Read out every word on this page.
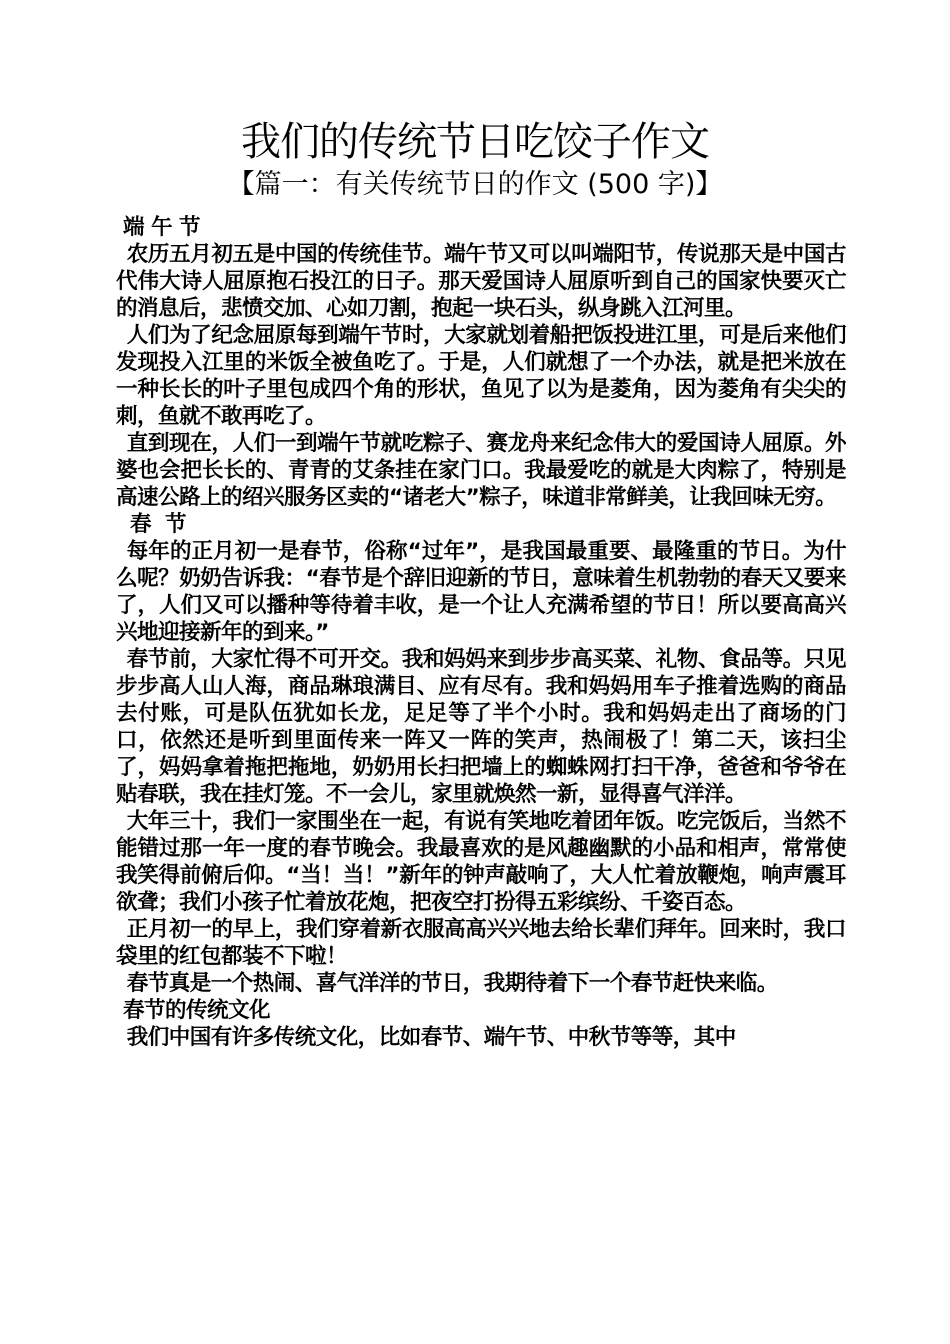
我们的传统节日吃饺子作文
【篇一：有关传统节日的作文 (500 字)】
端 午 节

农历五月初五是中国的传统佳节。端午节又可以叫端阳节，传说那天是中国古代伟大诗人屈原抱石投江的日子。那天爱国诗人屈原听到自己的国家快要灭亡的消息后，悲愤交加、心如刀割，抱起一块石头，纵身跳入江河里。

人们为了纪念屈原每到端午节时，大家就划着船把饭投进江里，可是后来他们发现投入江里的米饭全被鱼吃了。于是，人们就想了一个办法，就是把米放在一种长长的叶子里包成四个角的形状，鱼见了以为是菱角，因为菱角有尖尖的刺，鱼就不敢再吃了。

直到现在，人们一到端午节就吃粽子、赛龙舟来纪念伟大的爱国诗人屈原。外婆也会把长长的、青青的艾条挂在家门口。我最爱吃的就是大肉粽了，特别是高速公路上的绍兴服务区卖的“诸老大”粽子，味道非常鲜美，让我回味无穷。

春  节

每年的正月初一是春节，俗称“过年”，是我国最重要、最隆重的节日。为什么呢？奶奶告诉我：“春节是个辞旧迎新的节日，意味着生机勃勃的春天又要来了，人们又可以播种等待着丰收，是一个让人充满希望的节日！所以要高高兴兴地迎接新年的到来。”

春节前，大家忙得不可开交。我和妈妈来到步步高买菜、礼物、食品等。只见步步高人山人海，商品琳琅满目、应有尽有。我和妈妈用车子推着选购的商品去付账，可是队伍犹如长龙，足足等了半个小时。我和妈妈走出了商场的门口，依然还是听到里面传来一阵又一阵的笑声，热闹极了！第二天，该扫尘了，妈妈拿着拖把拖地，奶奶用长扫把墙上的蜘蛛网打扫干净，爸爸和爷爷在贴春联，我在挂灯笼。不一会儿，家里就焕然一新，显得喜气洋洋。

大年三十，我们一家围坐在一起，有说有笑地吃着团年饭。吃完饭后，当然不能错过那一年一度的春节晚会。我最喜欢的是风趣幽默的小品和相声，常常使我笑得前俯后仰。“当！当！”新年的钟声敲响了，大人忙着放鞭炮，响声震耳欲聋；我们小孩子忙着放花炮，把夜空打扮得五彩缤纷、千姿百态。

正月初一的早上，我们穿着新衣服高高兴兴地去给长辈们拜年。回来时，我口袋里的红包都装不下啦！

春节真是一个热闹、喜气洋洋的节日，我期待着下一个春节赶快来临。

春节的传统文化

我们中国有许多传统文化，比如春节、端午节、中秋节等等，其中
